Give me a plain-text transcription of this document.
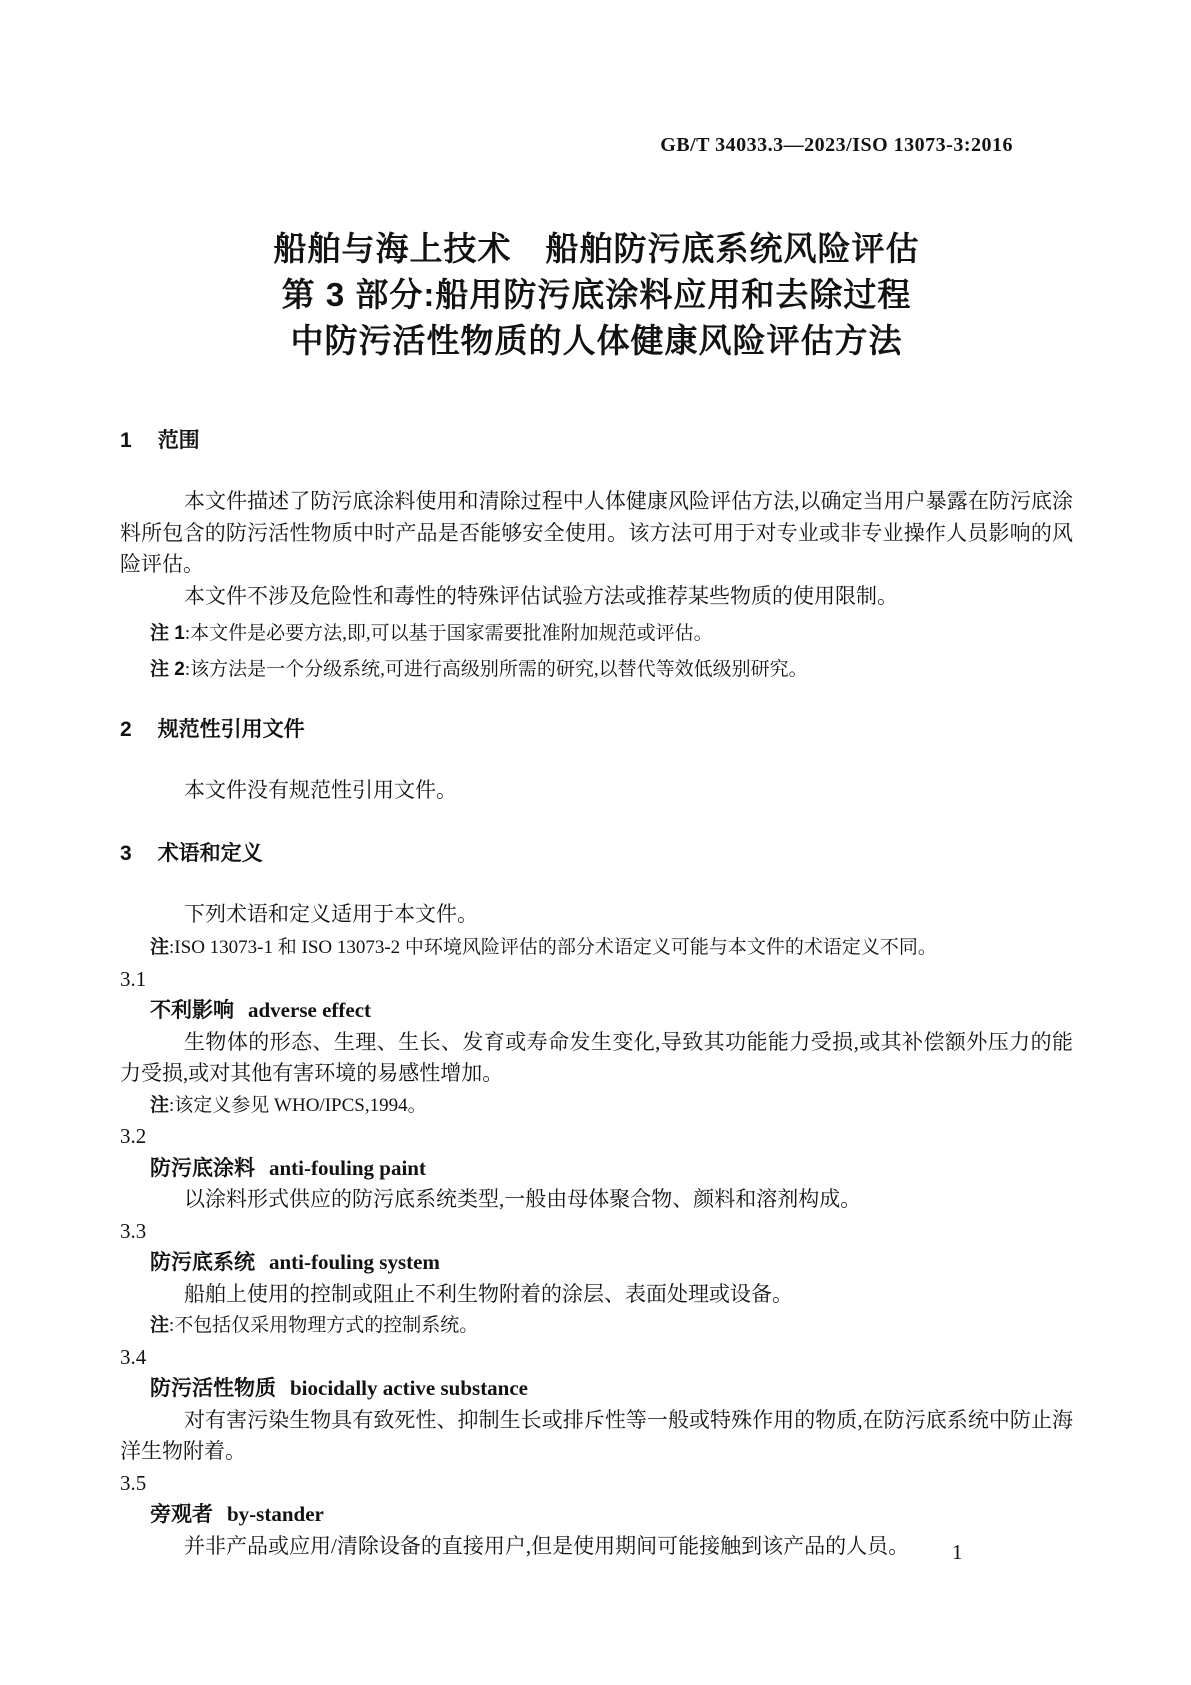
GB/T 34033.3—2023/ISO 13073-3:2016
船舶与海上技术　船舶防污底系统风险评估
第 3 部分:船用防污底涂料应用和去除过程
中防污活性物质的人体健康风险评估方法
1 范围

本文件描述了防污底涂料使用和清除过程中人体健康风险评估方法,以确定当用户暴露在防污底涂料所包含的防污活性物质中时产品是否能够安全使用。该方法可用于对专业或非专业操作人员影响的风险评估。

本文件不涉及危险性和毒性的特殊评估试验方法或推荐某些物质的使用限制。

注 1:本文件是必要方法,即,可以基于国家需要批准附加规范或评估。
注 2:该方法是一个分级系统,可进行高级别所需的研究,以替代等效低级别研究。
2 规范性引用文件

本文件没有规范性引用文件。

3 术语和定义

下列术语和定义适用于本文件。

注:ISO 13073-1 和 ISO 13073-2 中环境风险评估的部分术语定义可能与本文件的术语定义不同。
3.1
不利影响 adverse effect

生物体的形态、生理、生长、发育或寿命发生变化,导致其功能能力受损,或其补偿额外压力的能力受损,或对其他有害环境的易感性增加。

注:该定义参见 WHO/IPCS,1994。
3.2
防污底涂料 anti-fouling paint

以涂料形式供应的防污底系统类型,一般由母体聚合物、颜料和溶剂构成。

3.3
防污底系统 anti-fouling system

船舶上使用的控制或阻止不利生物附着的涂层、表面处理或设备。

注:不包括仅采用物理方式的控制系统。
3.4
防污活性物质 biocidally active substance

对有害污染生物具有致死性、抑制生长或排斥性等一般或特殊作用的物质,在防污底系统中防止海洋生物附着。

3.5
旁观者 by-stander

并非产品或应用/清除设备的直接用户,但是使用期间可能接触到该产品的人员。	1
